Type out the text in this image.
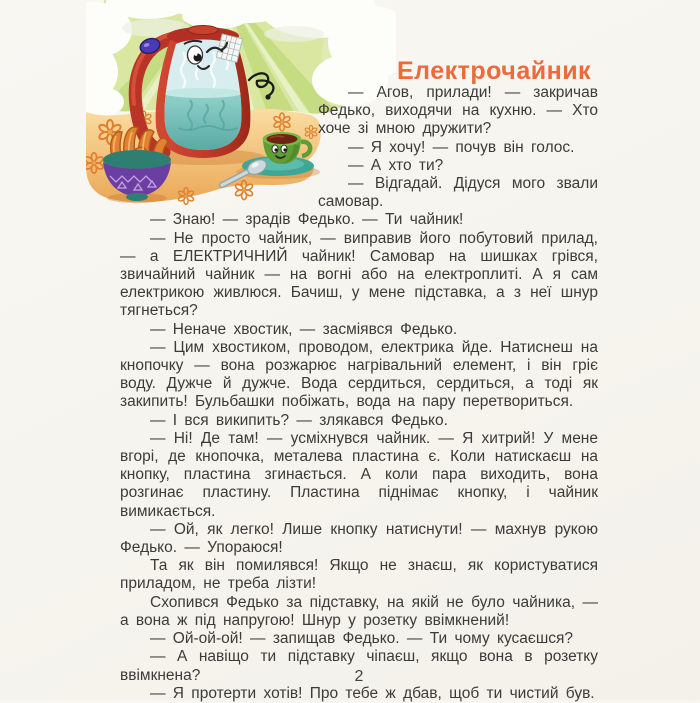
Електрочайник

— Агов, прилади! — закричав Федько, виходячи на кухню. — Хто хоче зі мною дружити?

— Я хочу! — почув він голос.

— А хто ти?

— Відгадай. Дідуся мого звали самовар.

— Знаю! — зрадів Федько. — Ти чайник!

— Не просто чайник, — виправив його побутовий прилад, — а ЕЛЕКТРИЧНИЙ чайник! Самовар на шишках грівся, звичайний чайник — на вогні або на електроплиті. А я сам електрикою живлюся. Бачиш, у мене підставка, а з неї шнур тягнеться?

— Неначе хвостик, — засміявся Федько.

— Цим хвостиком, проводом, електрика йде. Натиснеш на кнопочку — вона розжарює нагрівальний елемент, і він гріє воду. Дужче й дужче. Вода сердиться, сердиться, а тоді як закипить! Бульбашки побіжать, вода на пару перетвориться.

— І вся википить? — злякався Федько.

— Ні! Де там! — усміхнувся чайник. — Я хитрий! У мене вгорі, де кнопочка, металева пластина є. Коли натискаєш на кнопку, пластина згинається. А коли пара виходить, вона розгинає пластину. Пластина піднімає кнопку, і чайник вимикається.

— Ой, як легко! Лише кнопку натиснути! — махнув рукою Федько. — Упораюся!

Та як він помилявся! Якщо не знаєш, як користуватися приладом, не треба лізти!

Схопився Федько за підставку, на якій не було чайника, — а вона ж під напругою! Шнур у розетку ввімкнений!

— Ой-ой-ой! — запищав Федько. — Ти чому кусаєшся?

— А навіщо ти підставку чіпаєш, якщо вона в розетку ввімкнена?

— Я протерти хотів! Про тебе ж дбав, щоб ти чистий був.

2
